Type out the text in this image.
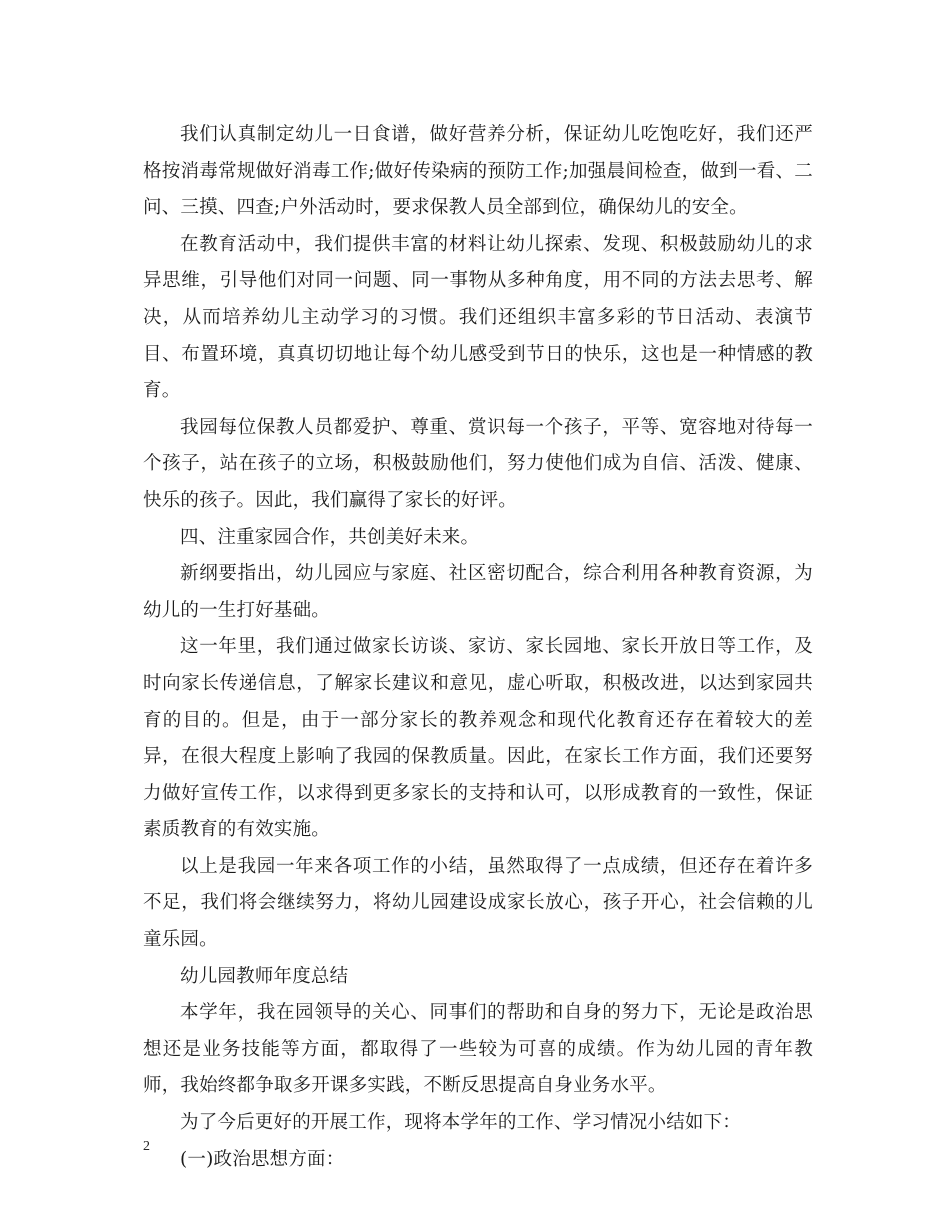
我们认真制定幼儿一日食谱，做好营养分析，保证幼儿吃饱吃好，我们还严格按消毒常规做好消毒工作;做好传染病的预防工作;加强晨间检查，做到一看、二问、三摸、四查;户外活动时，要求保教人员全部到位，确保幼儿的安全。

在教育活动中，我们提供丰富的材料让幼儿探索、发现、积极鼓励幼儿的求异思维，引导他们对同一问题、同一事物从多种角度，用不同的方法去思考、解决，从而培养幼儿主动学习的习惯。我们还组织丰富多彩的节日活动、表演节目、布置环境，真真切切地让每个幼儿感受到节日的快乐，这也是一种情感的教育。

我园每位保教人员都爱护、尊重、赏识每一个孩子，平等、宽容地对待每一个孩子，站在孩子的立场，积极鼓励他们，努力使他们成为自信、活泼、健康、快乐的孩子。因此，我们赢得了家长的好评。

四、注重家园合作，共创美好未来。

新纲要指出，幼儿园应与家庭、社区密切配合，综合利用各种教育资源，为幼儿的一生打好基础。

这一年里，我们通过做家长访谈、家访、家长园地、家长开放日等工作，及时向家长传递信息，了解家长建议和意见，虚心听取，积极改进，以达到家园共育的目的。但是，由于一部分家长的教养观念和现代化教育还存在着较大的差异，在很大程度上影响了我园的保教质量。因此，在家长工作方面，我们还要努力做好宣传工作，以求得到更多家长的支持和认可，以形成教育的一致性，保证素质教育的有效实施。

以上是我园一年来各项工作的小结，虽然取得了一点成绩，但还存在着许多不足，我们将会继续努力，将幼儿园建设成家长放心，孩子开心，社会信赖的儿童乐园。

幼儿园教师年度总结

本学年，我在园领导的关心、同事们的帮助和自身的努力下，无论是政治思想还是业务技能等方面，都取得了一些较为可喜的成绩。作为幼儿园的青年教师，我始终都争取多开课多实践，不断反思提高自身业务水平。

为了今后更好的开展工作，现将本学年的工作、学习情况小结如下：

(一)政治思想方面：

2
